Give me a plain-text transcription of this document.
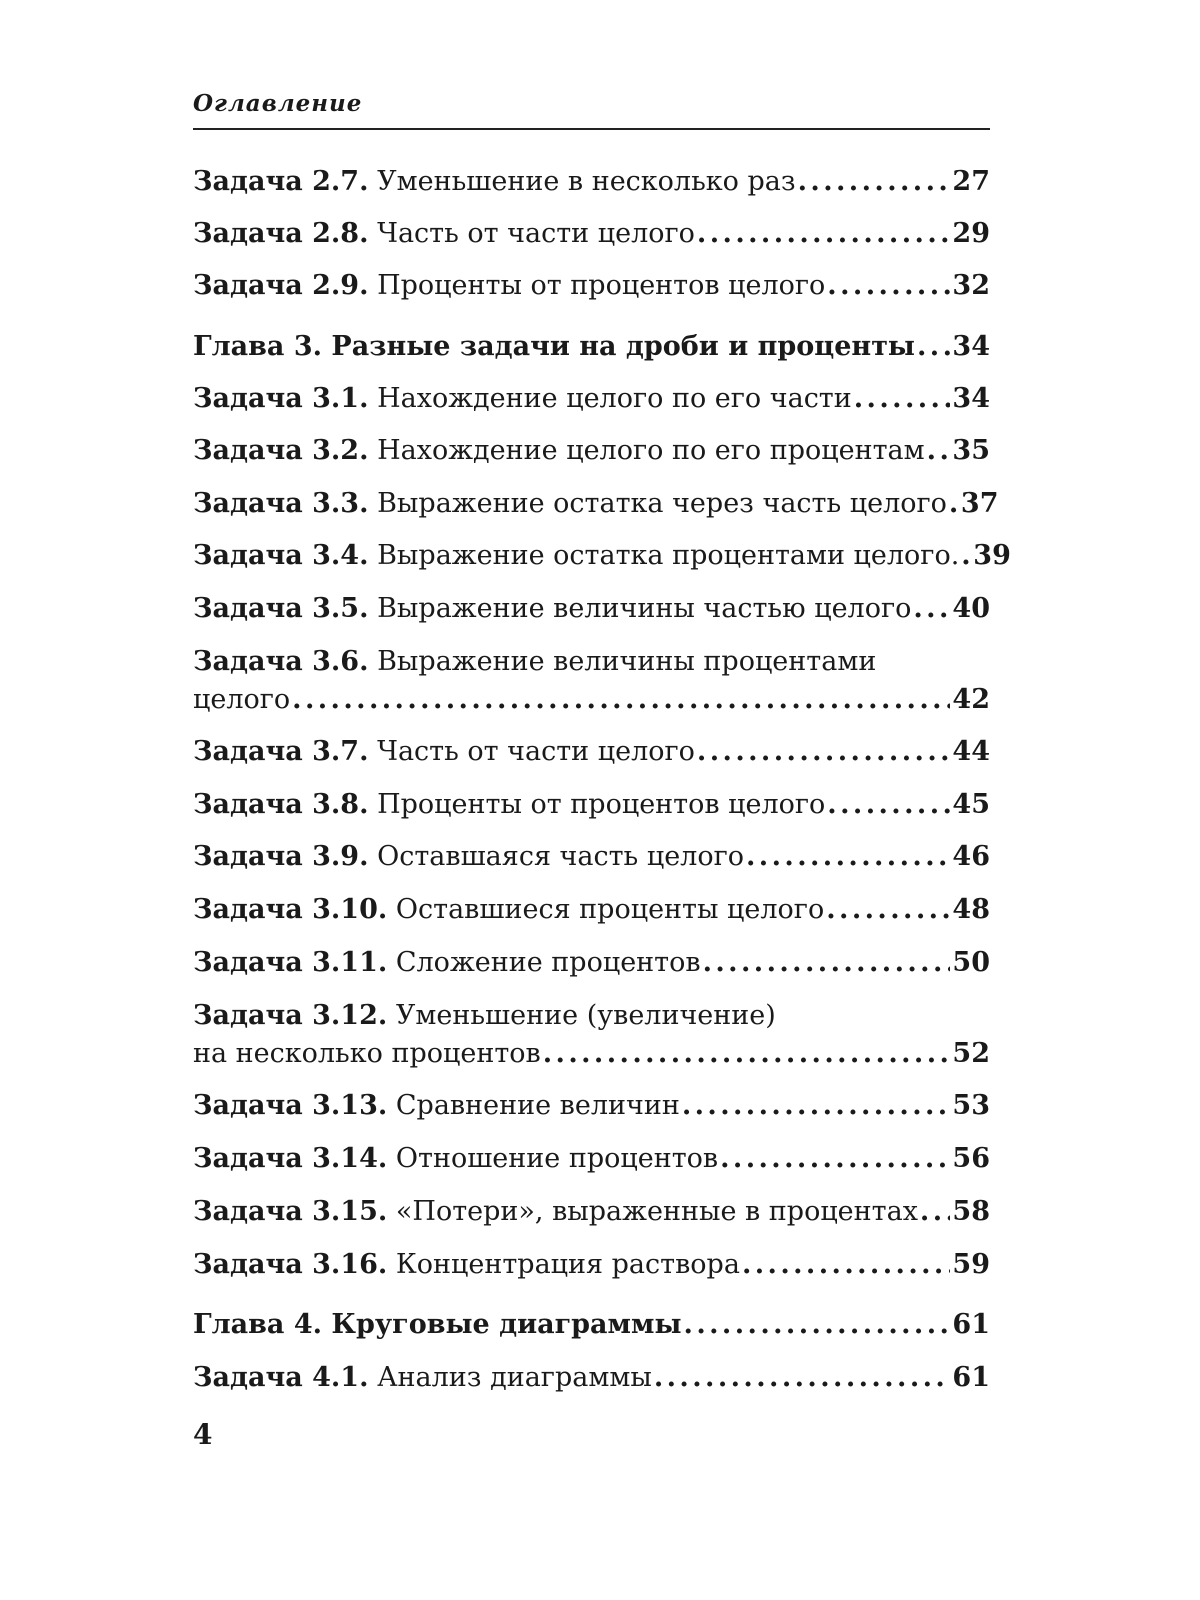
Оглавление
Задача 2.7. Уменьшение в несколько раз . . .	27
Задача 2.8. Часть от части целого . . .	29
Задача 2.9. Проценты от процентов целого . . .	32
Глава 3. Разные задачи на дроби и проценты . . . 34
Задача 3.1. Нахождение целого по его части . . .	34
Задача 3.2. Нахождение целого по его процентам . . . 35
Задача 3.3. Выражение остатка через часть целого . . . 37
Задача 3.4. Выражение остатка процентами целого. . . . 39
Задача 3.5. Выражение величины частью целого . . . 40
Задача 3.6. Выражение величины процентами
целого . . .	42
Задача 3.7. Часть от части целого . . .	44
Задача 3.8. Проценты от процентов целого . . .	45
Задача 3.9. Оставшаяся часть целого . . .	46
Задача 3.10. Оставшиеся проценты целого . . .	48
Задача 3.11. Сложение процентов . . .	50
Задача 3.12. Уменьшение (увеличение)
на несколько процентов . . .	52
Задача 3.13. Сравнение величин . . .	53
Задача 3.14. Отношение процентов . . .	56
Задача 3.15. «Потери», выраженные в процентах . . . 58
Задача 3.16. Концентрация раствора . . .	59
Глава 4. Круговые диаграммы . . .	61
Задача 4.1. Анализ диаграммы . . .	61
4
